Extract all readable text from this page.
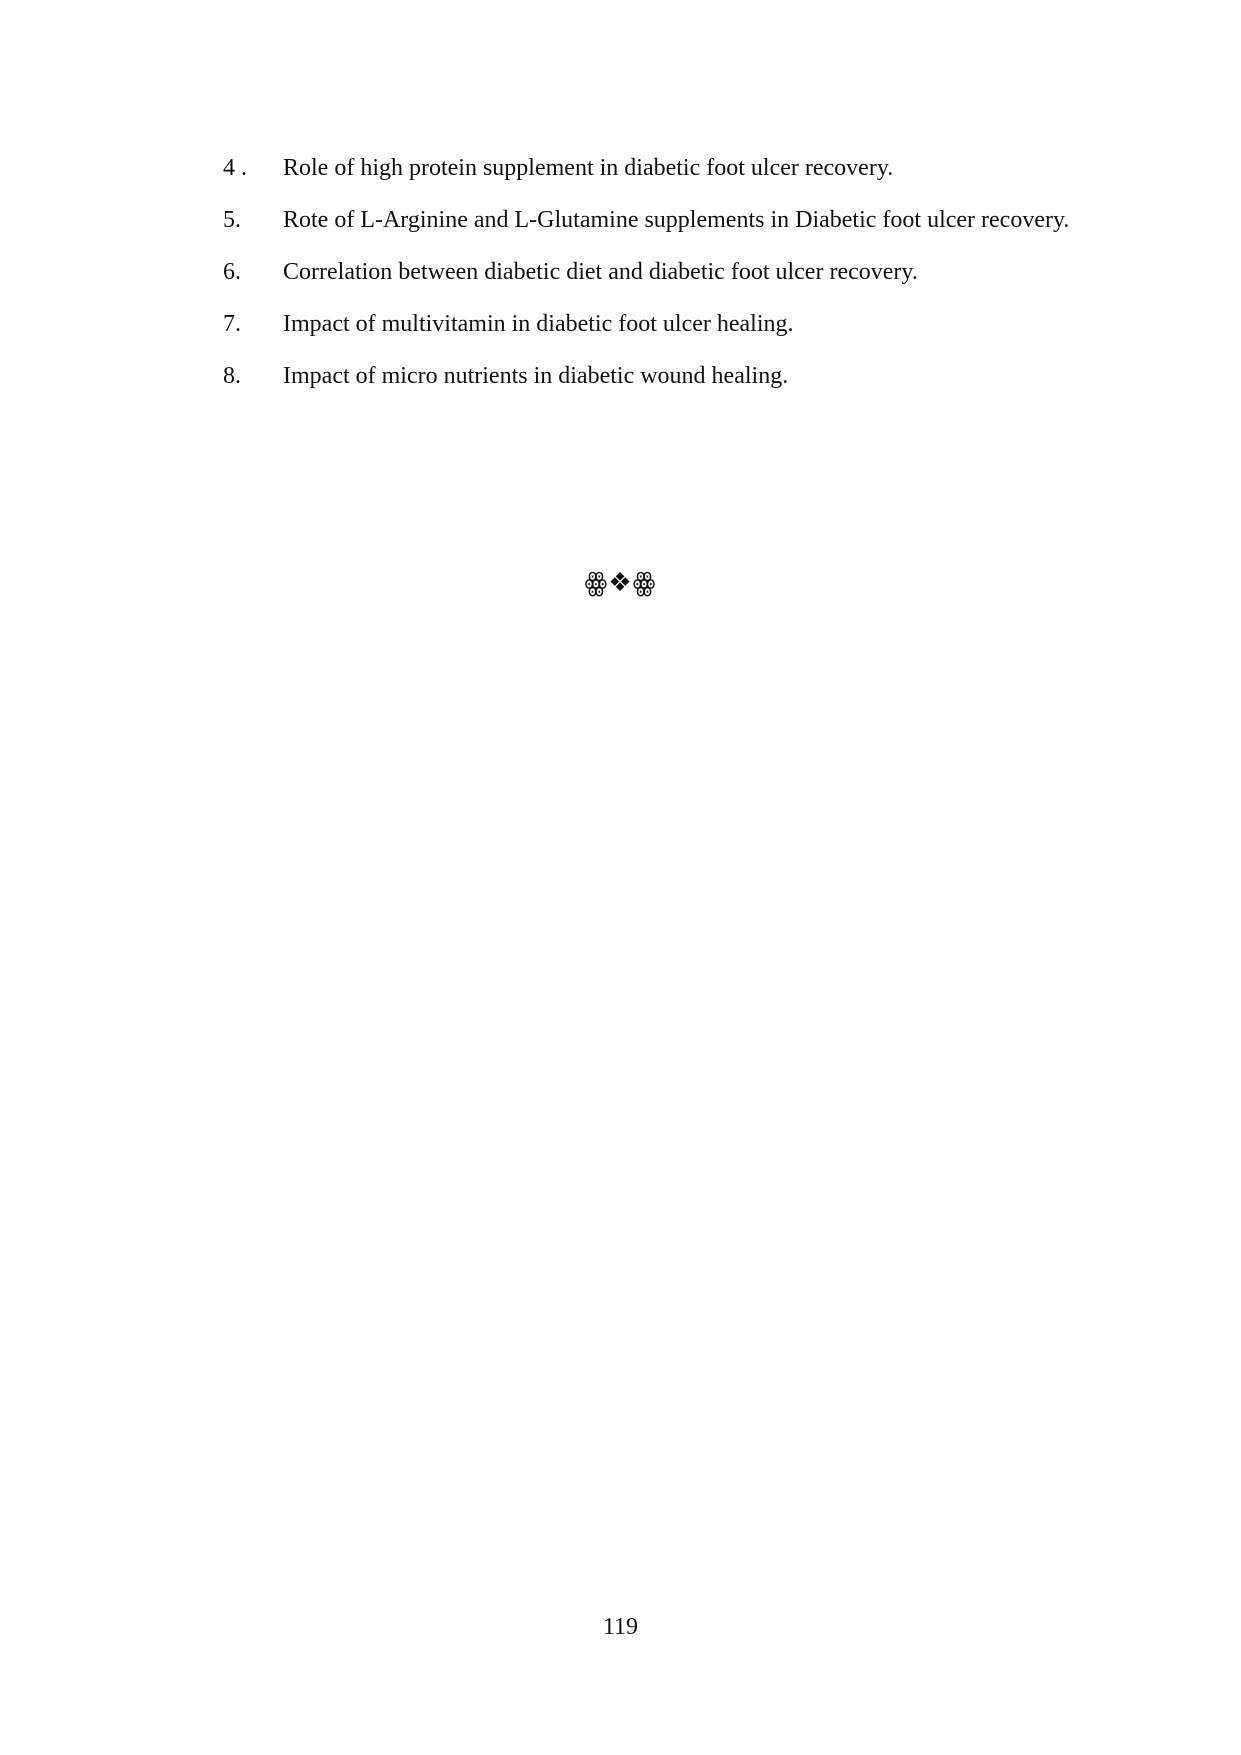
4 .	Role of high protein supplement in diabetic foot ulcer recovery.
5.	Rote of L-Arginine and L-Glutamine supplements in Diabetic foot ulcer recovery.
6.	Correlation between diabetic diet and diabetic foot ulcer recovery.
7.	Impact of multivitamin in diabetic foot ulcer healing.
8.	Impact of micro nutrients in diabetic wound healing.
ꙮ❖ꙮ
119
